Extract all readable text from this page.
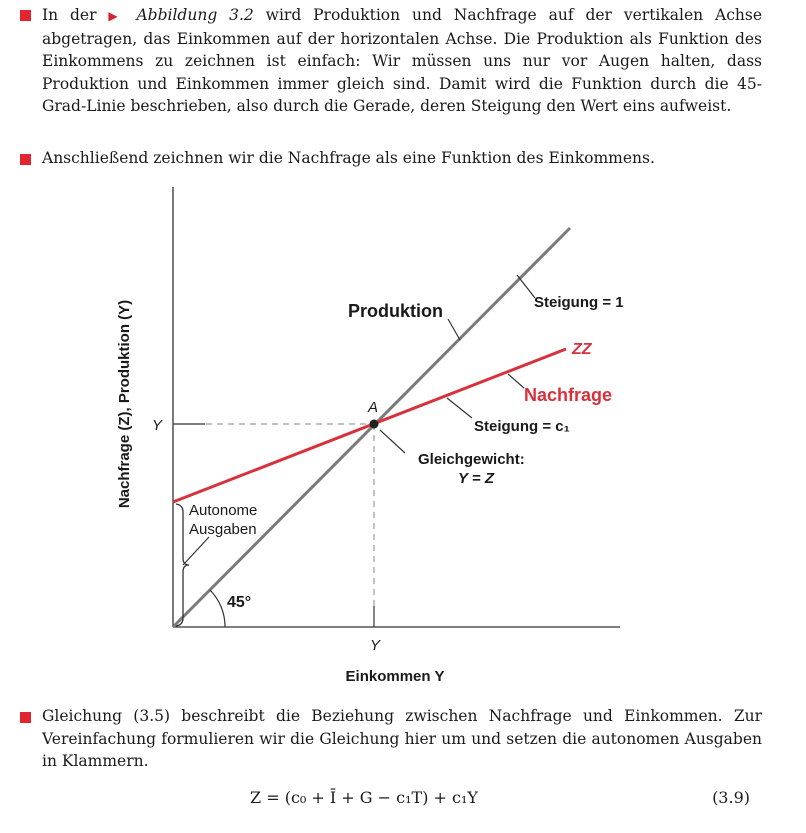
In der ▶ Abbildung 3.2 wird Produktion und Nachfrage auf der vertikalen Achse abgetragen, das Einkommen auf der horizontalen Achse. Die Produktion als Funktion des Einkommens zu zeichnen ist einfach: Wir müssen uns nur vor Augen halten, dass Produktion und Einkommen immer gleich sind. Damit wird die Funktion durch die 45-Grad-Linie beschrieben, also durch die Gerade, deren Steigung den Wert eins aufweist.
Anschließend zeichnen wir die Nachfrage als eine Funktion des Einkommens.
Nachfrage (Z), Produktion (Y)
Einkommen Y
Y
Y
A
Produktion	Steigung = 1
ZZ
Nachfrage
Steigung = c₁
Gleichgewicht:
Y = Z
Autonome
Ausgaben
45°
Gleichung (3.5) beschreibt die Beziehung zwischen Nachfrage und Einkommen. Zur Vereinfachung formulieren wir die Gleichung hier um und setzen die autonomen Ausgaben in Klammern.
Z = (c₀ + Ī + G − c₁T) + c₁Y	(3.9)
